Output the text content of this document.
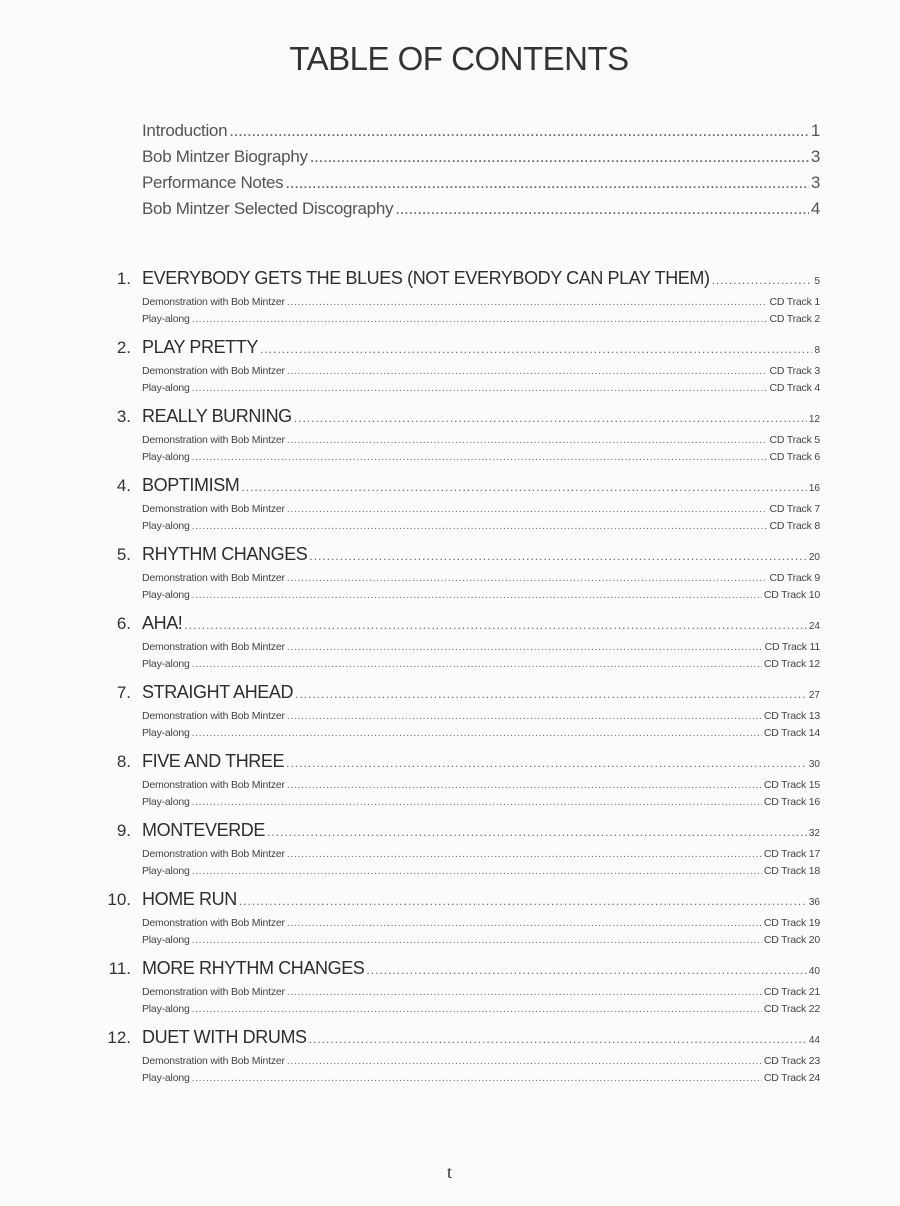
TABLE OF CONTENTS
Introduction .....	1
Bob Mintzer Biography .....	3
Performance Notes .....	3
Bob Mintzer Selected Discography .....	4
1. EVERYBODY GETS THE BLUES (NOT EVERYBODY CAN PLAY THEM) .....	5
Demonstration with Bob Mintzer .....	CD Track 1
Play-along .....	CD Track 2
2. PLAY PRETTY .....	8
Demonstration with Bob Mintzer .....	CD Track 3
Play-along .....	CD Track 4
3. REALLY BURNING .....	12
Demonstration with Bob Mintzer .....	CD Track 5
Play-along .....	CD Track 6
4. BOPTIMISM .....	16
Demonstration with Bob Mintzer .....	CD Track 7
Play-along .....	CD Track 8
5. RHYTHM CHANGES .....	20
Demonstration with Bob Mintzer .....	CD Track 9
Play-along .....	CD Track 10
6. AHA! .....	24
Demonstration with Bob Mintzer .....	CD Track 11
Play-along .....	CD Track 12
7. STRAIGHT AHEAD .....	27
Demonstration with Bob Mintzer .....	CD Track 13
Play-along .....	CD Track 14
8. FIVE AND THREE .....	30
Demonstration with Bob Mintzer .....	CD Track 15
Play-along .....	CD Track 16
9. MONTEVERDE .....	32
Demonstration with Bob Mintzer .....	CD Track 17
Play-along .....	CD Track 18
10. HOME RUN .....	36
Demonstration with Bob Mintzer .....	CD Track 19
Play-along .....	CD Track 20
11. MORE RHYTHM CHANGES .....	40
Demonstration with Bob Mintzer .....	CD Track 21
Play-along .....	CD Track 22
12. DUET WITH DRUMS .....	44
Demonstration with Bob Mintzer .....	CD Track 23
Play-along .....	CD Track 24
t
